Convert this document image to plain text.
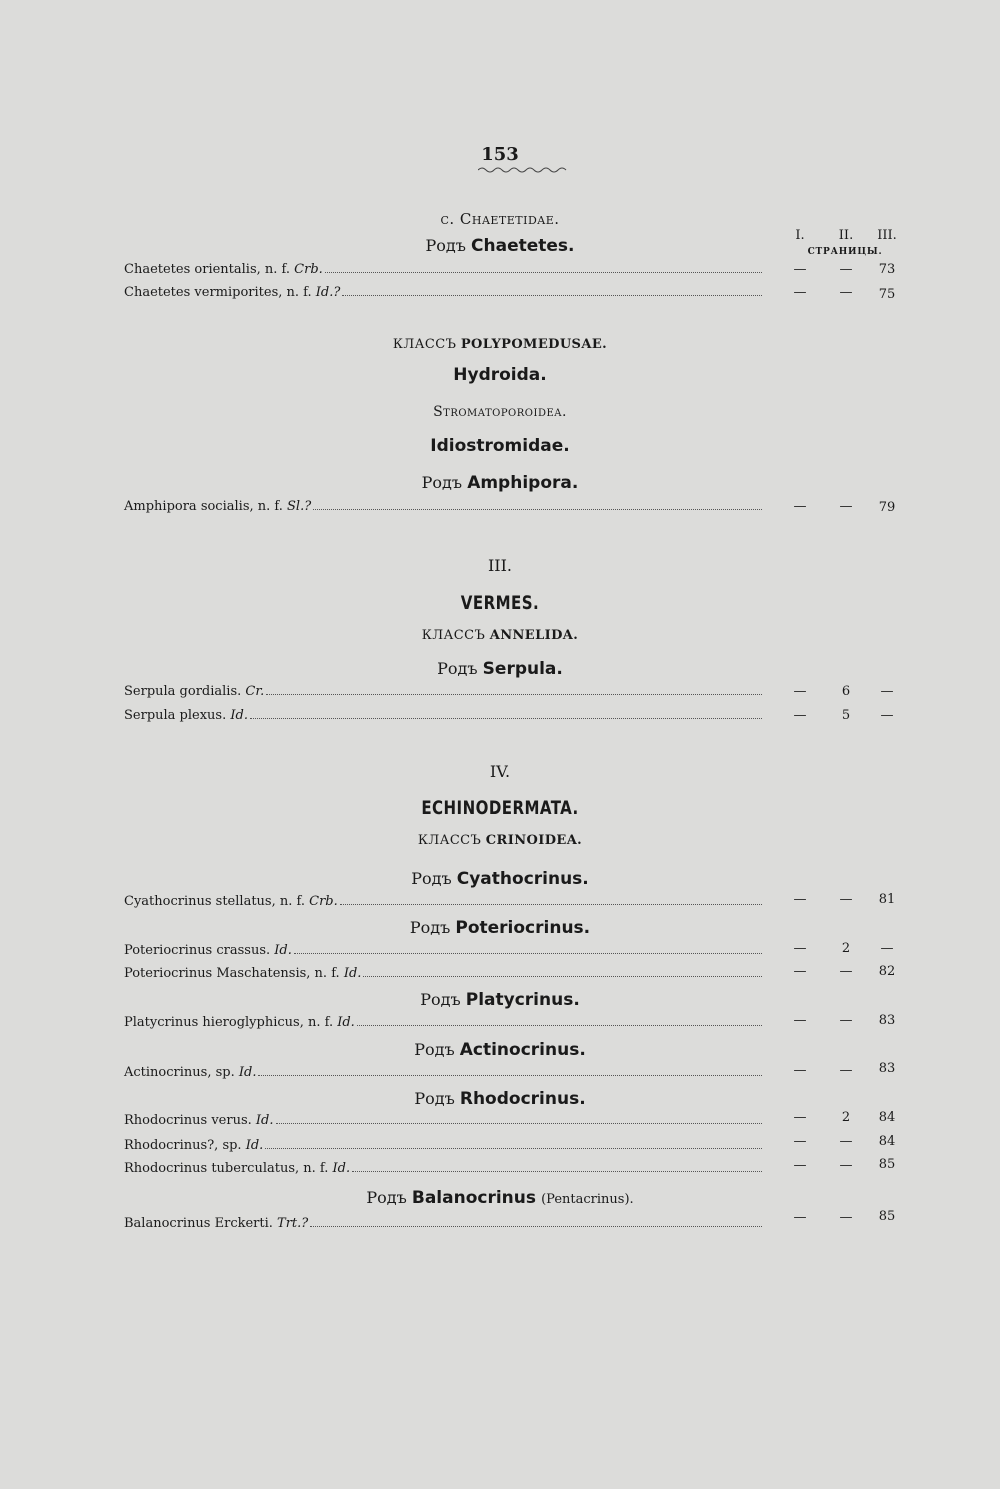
153
I.	II.	III.
СТРАНИЦЫ.
c. Chaetetidae.
Родъ Chaetetes.
Chaetetes orientalis, n. f. Crb.	—	—	73
Chaetetes vermiporites, n. f. Id.?	—	—	75
КЛАССЪ POLYPOMEDUSAE.
Hydroida.
Stromatoporoidea.
Idiostromidae.
Родъ Amphipora.
Amphipora socialis, n. f. Sl.?	—	—	79
III.
VERMES.
КЛАССЪ ANNELIDA.
Родъ Serpula.
Serpula gordialis. Cr.	—	6	—
Serpula plexus. Id.	—	5	—
IV.
ECHINODERMATA.
КЛАССЪ CRINOIDEA.
Родъ Cyathocrinus.
Cyathocrinus stellatus, n. f. Crb.	—	—	81
Родъ Poteriocrinus.
Poteriocrinus crassus. Id.	—	2	—
Poteriocrinus Maschatensis, n. f. Id.	—	—	82
Родъ Platycrinus.
Platycrinus hieroglyphicus, n. f. Id.	—	—	83
Родъ Actinocrinus.
Actinocrinus, sp. Id.	—	—	83
Родъ Rhodocrinus.
Rhodocrinus verus. Id.	—	2	84
Rhodocrinus?, sp. Id.	—	—	84
Rhodocrinus tuberculatus, n. f. Id.	—	—	85
Родъ Balanocrinus (Pentacrinus).
Balanocrinus Erckerti. Trt.?	—	—	85
